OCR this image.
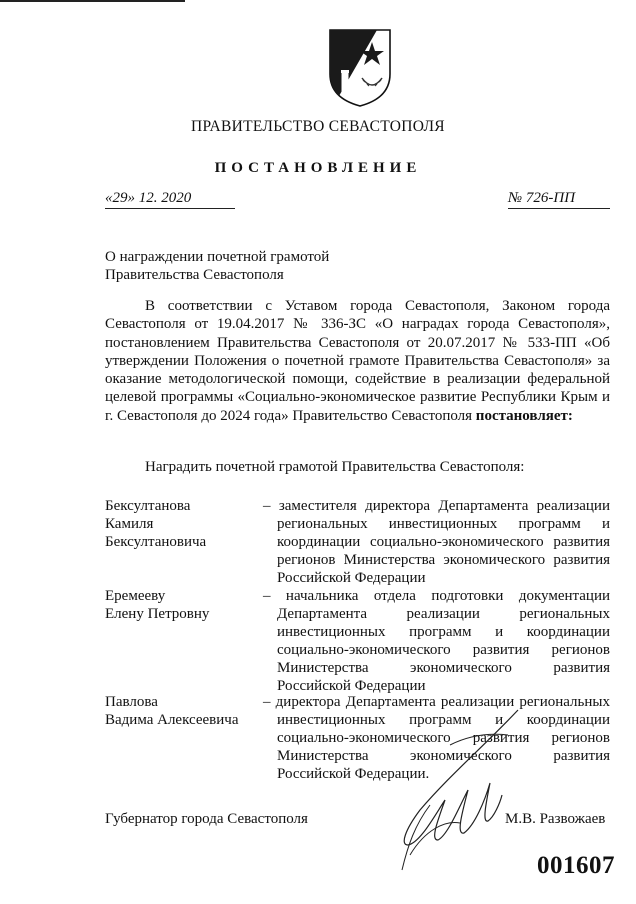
ПРАВИТЕЛЬСТВО СЕВАСТОПОЛЯ
ПОСТАНОВЛЕНИЕ
«29» 12. 2020	№ 726-ПП
О награждении почетной грамотой
Правительства Севастополя
В соответствии с Уставом города Севастополя, Законом города Севастополя от 19.04.2017 № 336-ЗС «О наградах города Севастополя», постановлением Правительства Севастополя от 20.07.2017 № 533-ПП «Об утверждении Положения о почетной грамоте Правительства Севастополя» за оказание методологической помощи, содействие в реализации федеральной целевой программы «Социально-экономическое развитие Республики Крым и г. Севастополя до 2024 года» Правительство Севастополя постановляет:
Наградить почетной грамотой Правительства Севастополя:
Бексултанова
Камиля
Бексултановича
– заместителя директора Департамента реализации региональных инвестиционных программ и координации социально-экономического развития регионов Министерства экономического развития Российской Федерации
Еремееву
Елену Петровну
– начальника отдела подготовки документации Департамента реализации региональных инвестиционных программ и координации социально-экономического развития регионов Министерства экономического развития Российской Федерации
Павлова
Вадима Алексеевича
– директора Департамента реализации региональных инвестиционных программ и координации социально-экономического развития регионов Министерства экономического развития Российской Федерации.
Губернатор города Севастополя	М.В. Развожаев
001607
